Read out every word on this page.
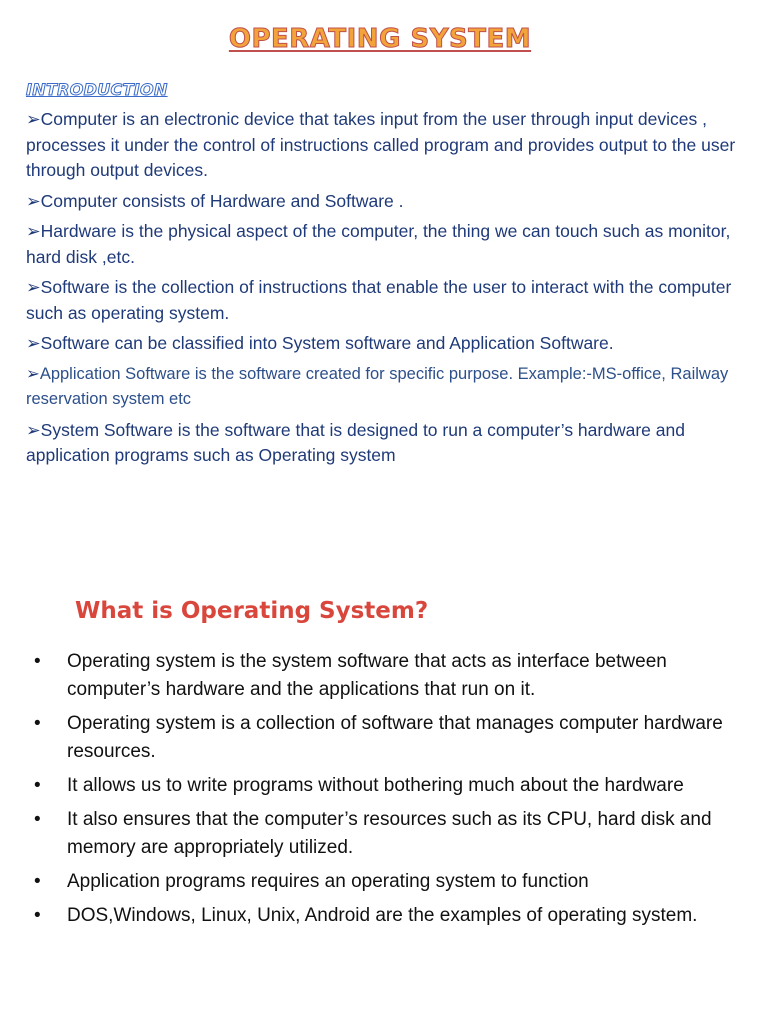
OPERATING SYSTEM
INTRODUCTION
➢Computer is an electronic device that takes input from the user through input devices , processes it under the control of instructions called program and provides output to the user through output devices.
➢Computer consists of Hardware and Software .
➢Hardware is the physical aspect of the computer, the thing we can touch such as monitor, hard disk ,etc.
➢Software is the collection of instructions that enable the user to interact with the computer such as operating system.
➢Software can be classified into System software and Application Software.
➢Application Software is the software created for specific purpose. Example:-MS-office, Railway reservation system etc
➢System Software is the software that is designed to run a computer’s hardware and application programs such as Operating system
What is Operating System?
• Operating system is the system software that acts as interface between computer’s hardware and the applications that run on it.
• Operating system is a collection of software that manages computer hardware resources.
• It allows us to write programs without bothering much about the hardware
• It also ensures that the computer’s resources such as its CPU, hard disk and memory are appropriately utilized.
• Application programs requires an operating system to function
• DOS,Windows, Linux, Unix, Android are the examples of operating system.
